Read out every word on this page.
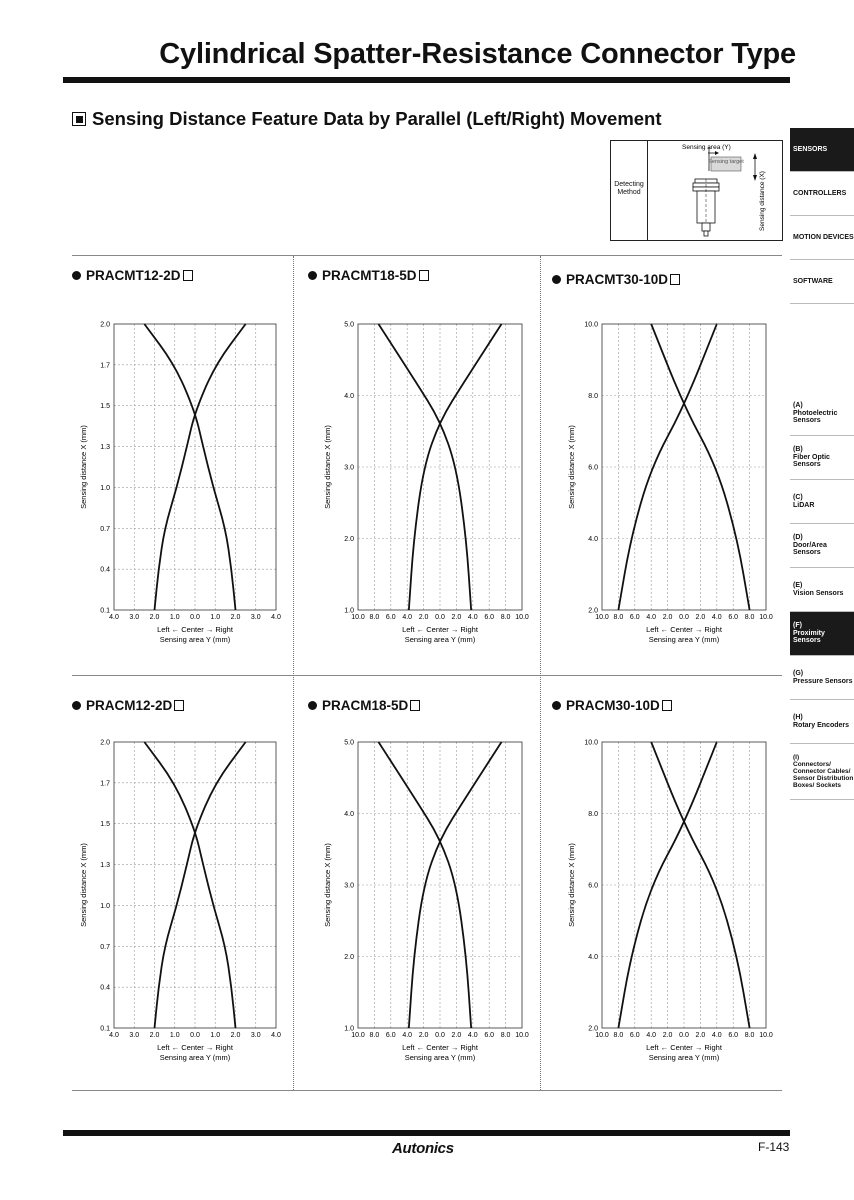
Cylindrical Spatter-Resistance Connector Type
Sensing Distance Feature Data by Parallel (Left/Right) Movement
Detecting Method
Sensing area (Y)
Sensing target
Sensing distance (X)
SENSORS
CONTROLLERS
MOTION DEVICES
SOFTWARE
(A)
Photoelectric Sensors
(B)
Fiber Optic Sensors
(C)
LiDAR
(D)
Door/Area Sensors
(E)
Vision Sensors
(F)
Proximity Sensors
(G)
Pressure Sensors
(H)
Rotary Encoders
(I)
Connectors/ Connector Cables/ Sensor Distribution Boxes/ Sockets
PRACMT12-2D	PRACMT18-5D	PRACMT30-10D
PRACM12-2D	PRACM18-5D	PRACM30-10D
4.0 3.0 2.0 1.0 0.0 1.0 2.0 3.0 4.0
0.1
0.4
0.7
1.0
1.3
1.5
1.7
2.0
Left ← Center → Right
Sensing area Y (mm)
Sensing distance X (mm)
10.0 8.0 6.0 4.0 2.0 0.0 2.0 4.0 6.0 8.0 10.0
1.0
2.0
3.0
4.0
5.0
Left ← Center → Right
Sensing area Y (mm)
Sensing distance X (mm)
10.0 8.0 6.0 4.0 2.0 0.0 2.0 4.0 6.0 8.0 10.0
2.0
4.0
6.0
8.0
10.0
Left ← Center → Right
Sensing area Y (mm)
Sensing distance X (mm)
4.0 3.0 2.0 1.0 0.0 1.0 2.0 3.0 4.0
0.1
0.4
0.7
1.0
1.3
1.5
1.7
2.0
Left ← Center → Right
Sensing area Y (mm)
Sensing distance X (mm)
10.0 8.0 6.0 4.0 2.0 0.0 2.0 4.0 6.0 8.0 10.0
1.0
2.0
3.0
4.0
5.0
Left ← Center → Right
Sensing area Y (mm)
Sensing distance X (mm)
10.0 8.0 6.0 4.0 2.0 0.0 2.0 4.0 6.0 8.0 10.0
2.0
4.0
6.0
8.0
10.0
Left ← Center → Right
Sensing area Y (mm)
Sensing distance X (mm)
Autonics	F-143
